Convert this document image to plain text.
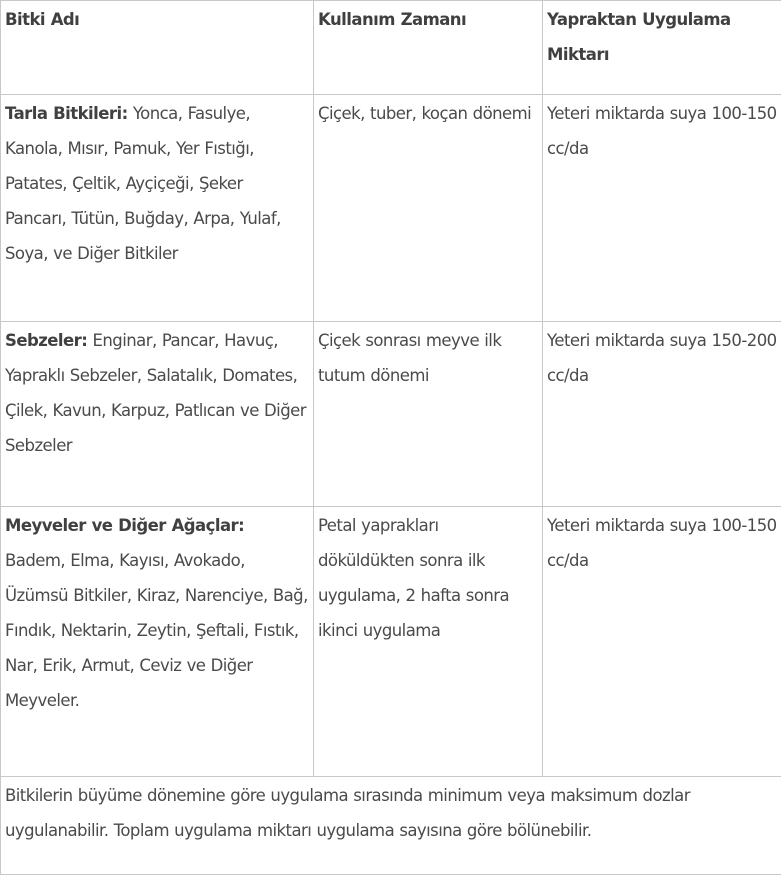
Bitki Adı	Kullanım Zamanı	Yapraktan Uygulama Miktarı
Tarla Bitkileri: Yonca, Fasulye, Kanola, Mısır, Pamuk, Yer Fıstığı, Patates, Çeltik, Ayçiçeği, Şeker Pancarı, Tütün, Buğday, Arpa, Yulaf, Soya, ve Diğer Bitkiler	Çiçek, tuber, koçan dönemi	Yeteri miktarda suya 100-150 cc/da
Sebzeler: Enginar, Pancar, Havuç, Yapraklı Sebzeler, Salatalık, Domates, Çilek, Kavun, Karpuz, Patlıcan ve Diğer Sebzeler	Çiçek sonrası meyve ilk tutum dönemi	Yeteri miktarda suya 150-200 cc/da
Meyveler ve Diğer Ağaçlar: Badem, Elma, Kayısı, Avokado, Üzümsü Bitkiler, Kiraz, Narenciye, Bağ, Fındık, Nektarin, Zeytin, Şeftali, Fıstık, Nar, Erik, Armut, Ceviz ve Diğer Meyveler.	Petal yaprakları döküldükten sonra ilk uygulama, 2 hafta sonra ikinci uygulama	Yeteri miktarda suya 100-150 cc/da
Bitkilerin büyüme dönemine göre uygulama sırasında minimum veya maksimum dozlar uygulanabilir. Toplam uygulama miktarı uygulama sayısına göre bölünebilir.		
